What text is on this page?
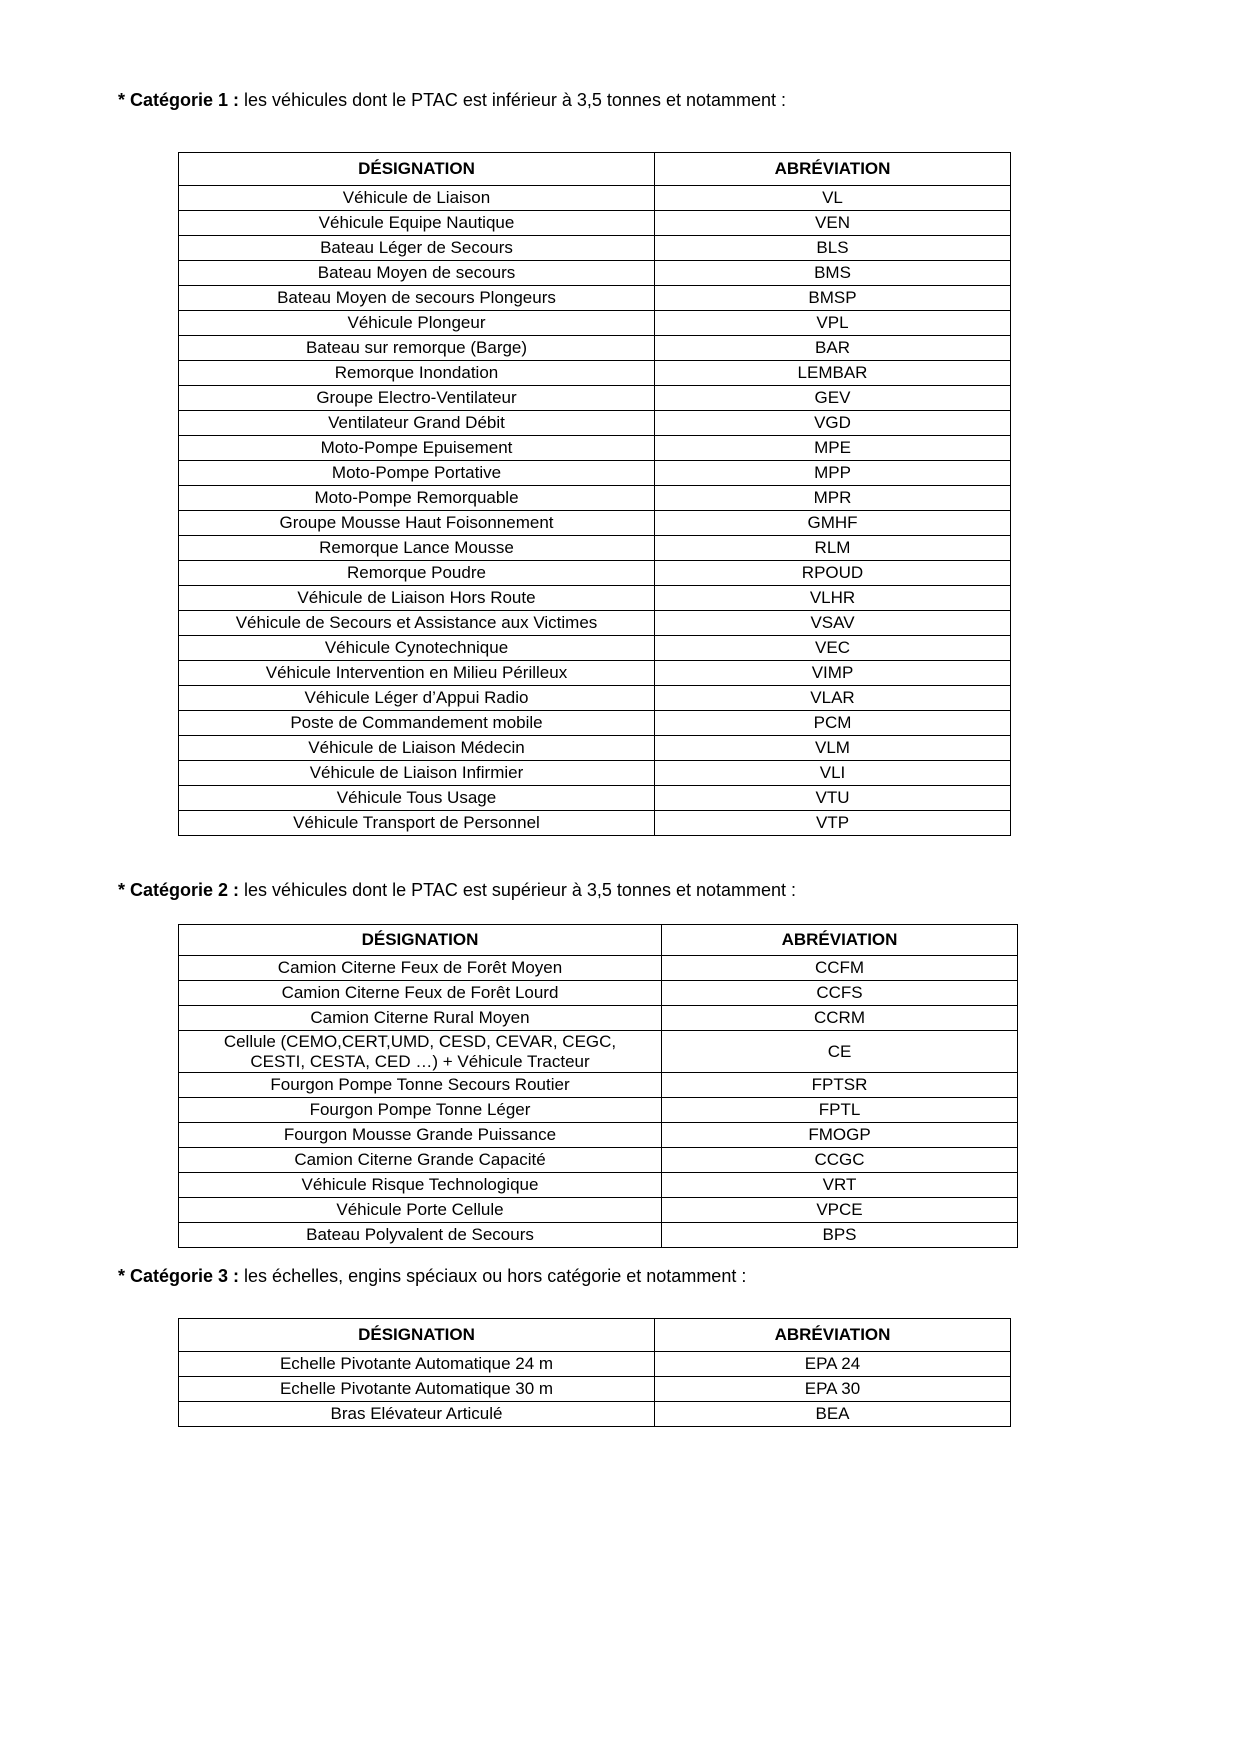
* Catégorie 1 : les véhicules dont le PTAC est inférieur à 3,5 tonnes et notamment :
DÉSIGNATION	ABRÉVIATION
Véhicule de Liaison	VL
Véhicule Equipe Nautique	VEN
Bateau Léger de Secours	BLS
Bateau Moyen de secours	BMS
Bateau Moyen de secours Plongeurs	BMSP
Véhicule Plongeur	VPL
Bateau sur remorque (Barge)	BAR
Remorque Inondation	LEMBAR
Groupe Electro-Ventilateur	GEV
Ventilateur Grand Débit	VGD
Moto-Pompe Epuisement	MPE
Moto-Pompe Portative	MPP
Moto-Pompe Remorquable	MPR
Groupe Mousse Haut Foisonnement	GMHF
Remorque Lance Mousse	RLM
Remorque Poudre	RPOUD
Véhicule de Liaison Hors Route	VLHR
Véhicule de Secours et Assistance aux Victimes	VSAV
Véhicule Cynotechnique	VEC
Véhicule Intervention en Milieu Périlleux	VIMP
Véhicule Léger d’Appui Radio	VLAR
Poste de Commandement mobile	PCM
Véhicule de Liaison Médecin	VLM
Véhicule de Liaison Infirmier	VLI
Véhicule Tous Usage	VTU
Véhicule Transport de Personnel	VTP
* Catégorie 2 : les véhicules dont le PTAC est supérieur à 3,5 tonnes et notamment :
DÉSIGNATION	ABRÉVIATION
Camion Citerne Feux de Forêt Moyen	CCFM
Camion Citerne Feux de Forêt Lourd	CCFS
Camion Citerne Rural Moyen	CCRM
Cellule (CEMO,CERT,UMD, CESD, CEVAR, CEGC,
CESTI, CESTA, CED …) + Véhicule Tracteur	CE
Fourgon Pompe Tonne Secours Routier	FPTSR
Fourgon Pompe Tonne Léger	FPTL
Fourgon Mousse Grande Puissance	FMOGP
Camion Citerne Grande Capacité	CCGC
Véhicule Risque Technologique	VRT
Véhicule Porte Cellule	VPCE
Bateau Polyvalent de Secours	BPS
* Catégorie 3 : les échelles, engins spéciaux ou hors catégorie et notamment :
DÉSIGNATION	ABRÉVIATION
Echelle Pivotante Automatique 24 m	EPA 24
Echelle Pivotante Automatique 30 m	EPA 30
Bras Elévateur Articulé	BEA
